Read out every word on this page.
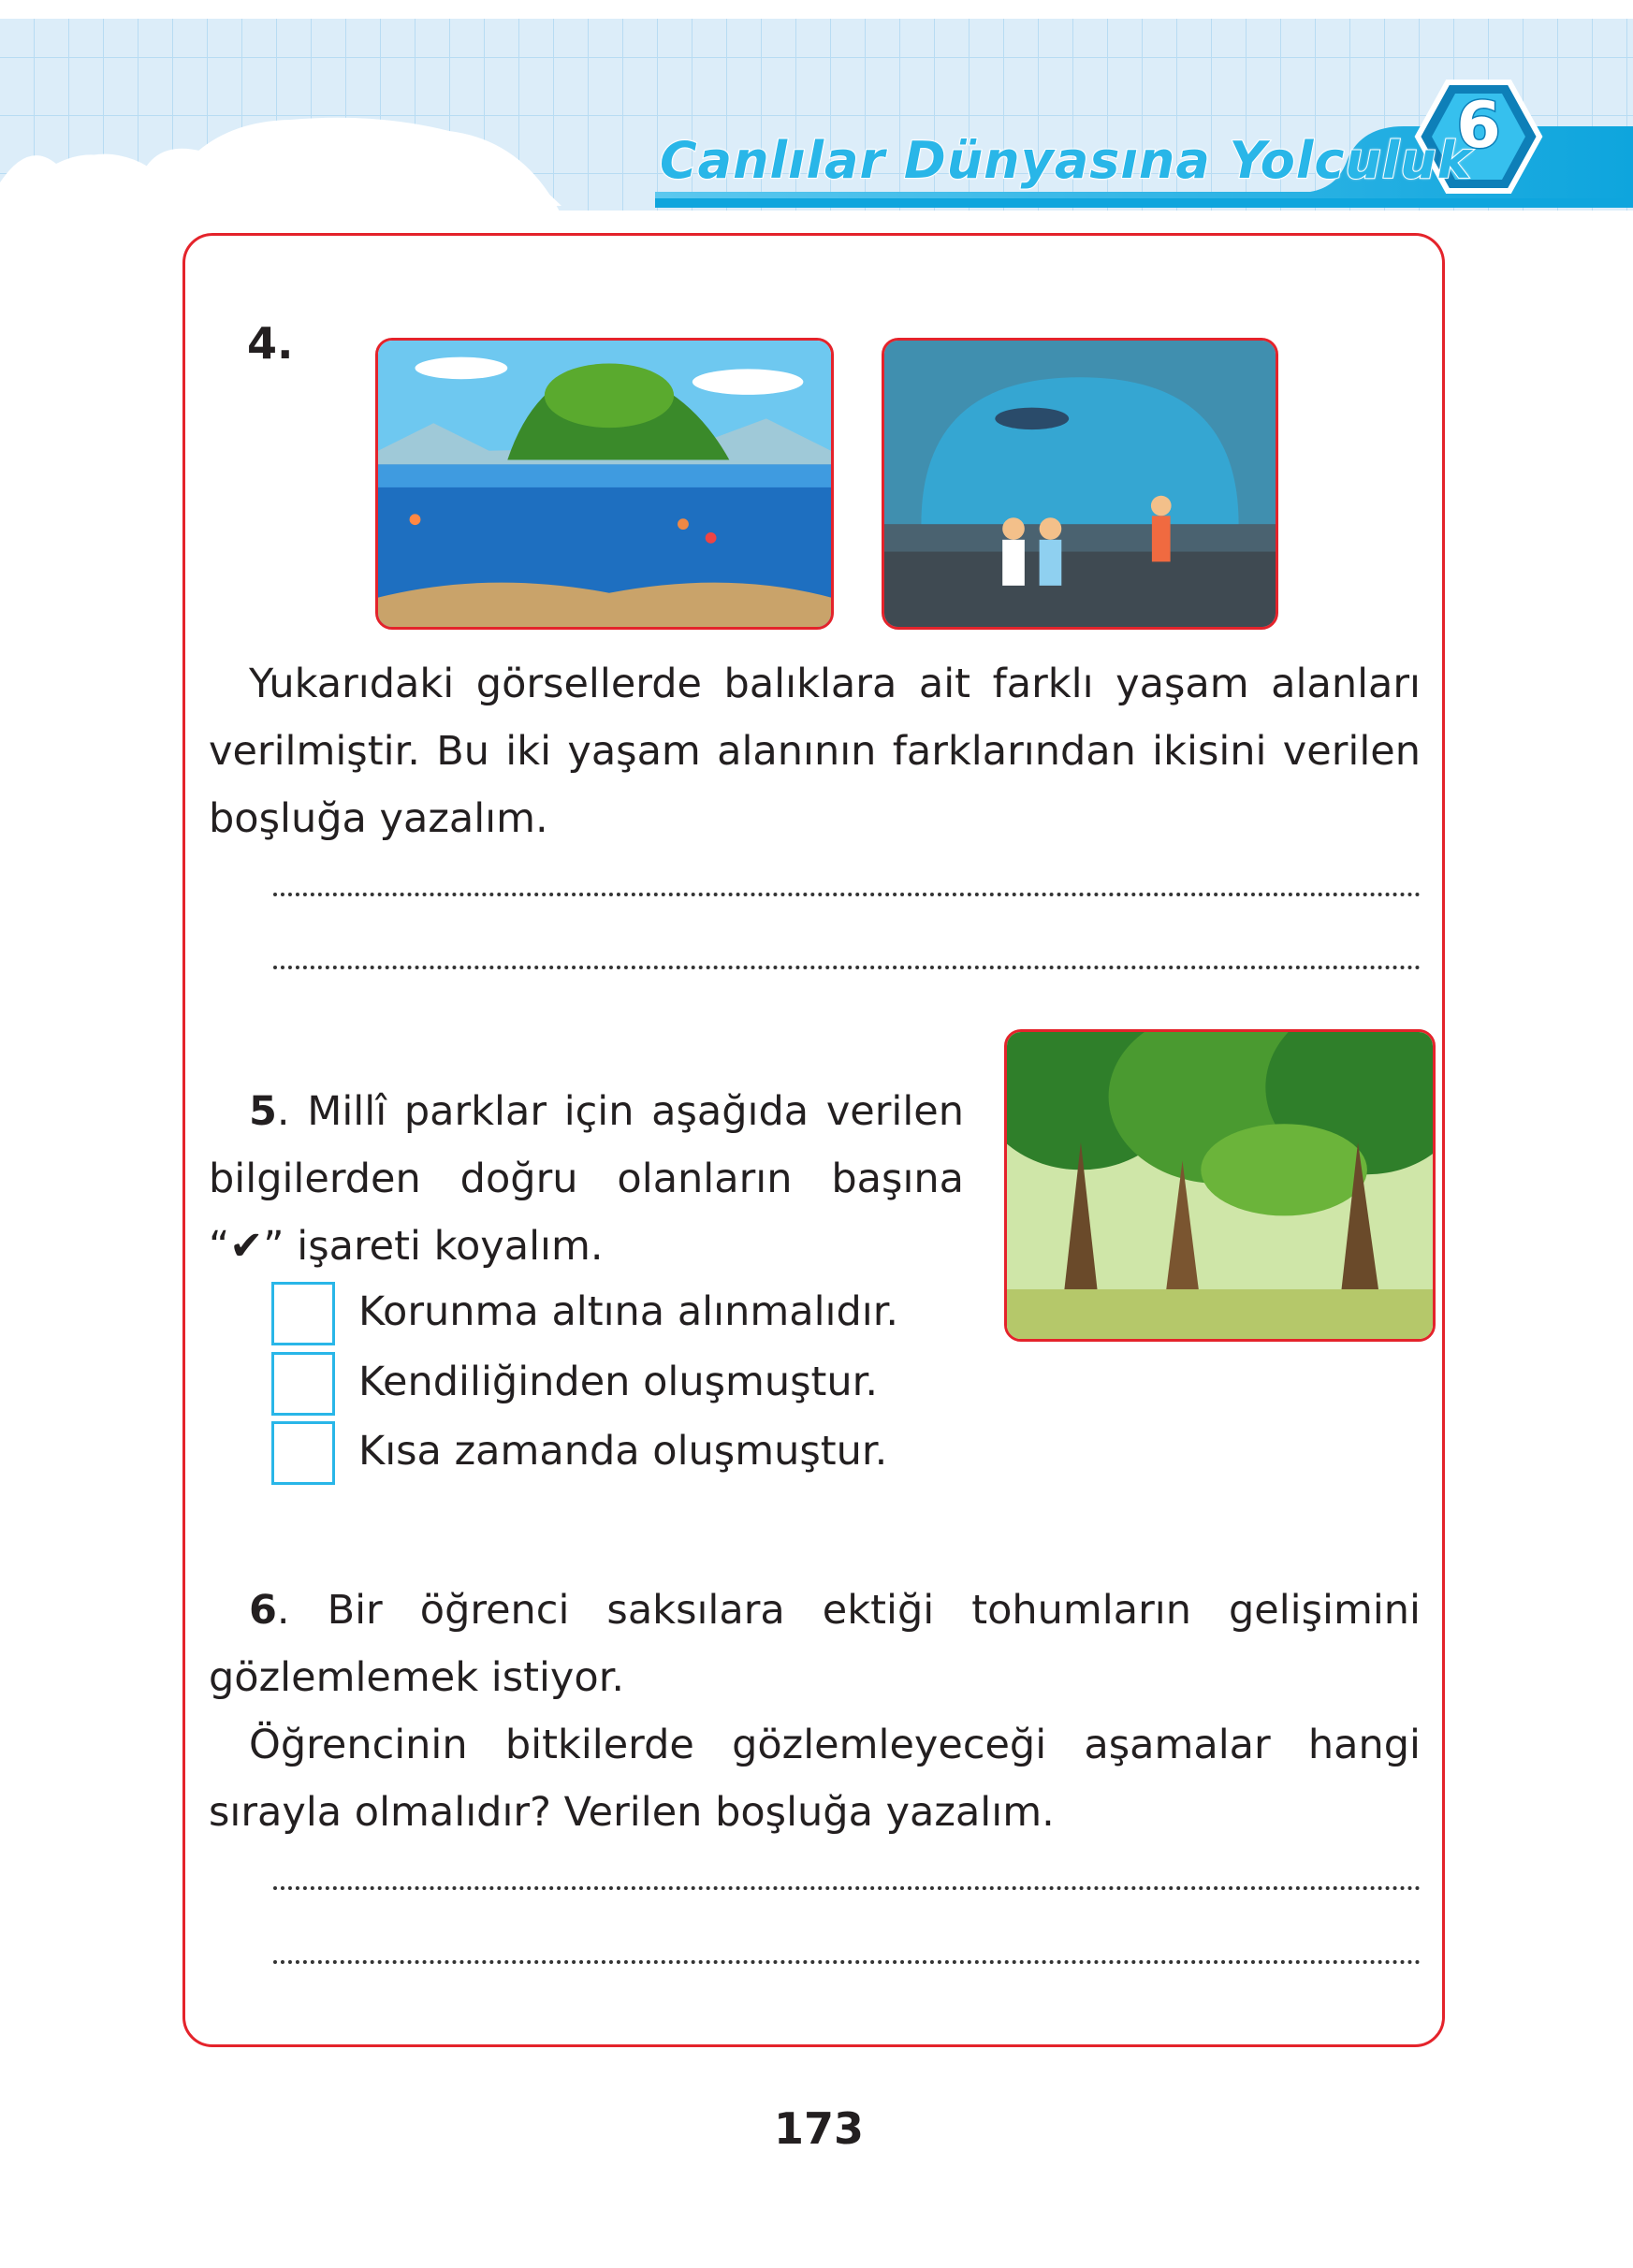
Canlılar Dünyasına Yolculuk
6
4.
Yukarıdaki görsellerde balıklara ait farklı yaşam alanları verilmiştir. Bu iki yaşam alanının farklarından ikisini verilen boşluğa yazalım.
5. Millî parklar için aşağıda verilen bilgilerden doğru olanların başına “✔” işareti koyalım.
Korunma altına alınmalıdır.
Kendiliğinden oluşmuştur.
Kısa zamanda oluşmuştur.
6. Bir öğrenci saksılara ektiği tohumların gelişimini gözlemlemek istiyor.
Öğrencinin bitkilerde gözlemleyeceği aşamalar hangi sırayla olmalıdır? Verilen boşluğa yazalım.
173
